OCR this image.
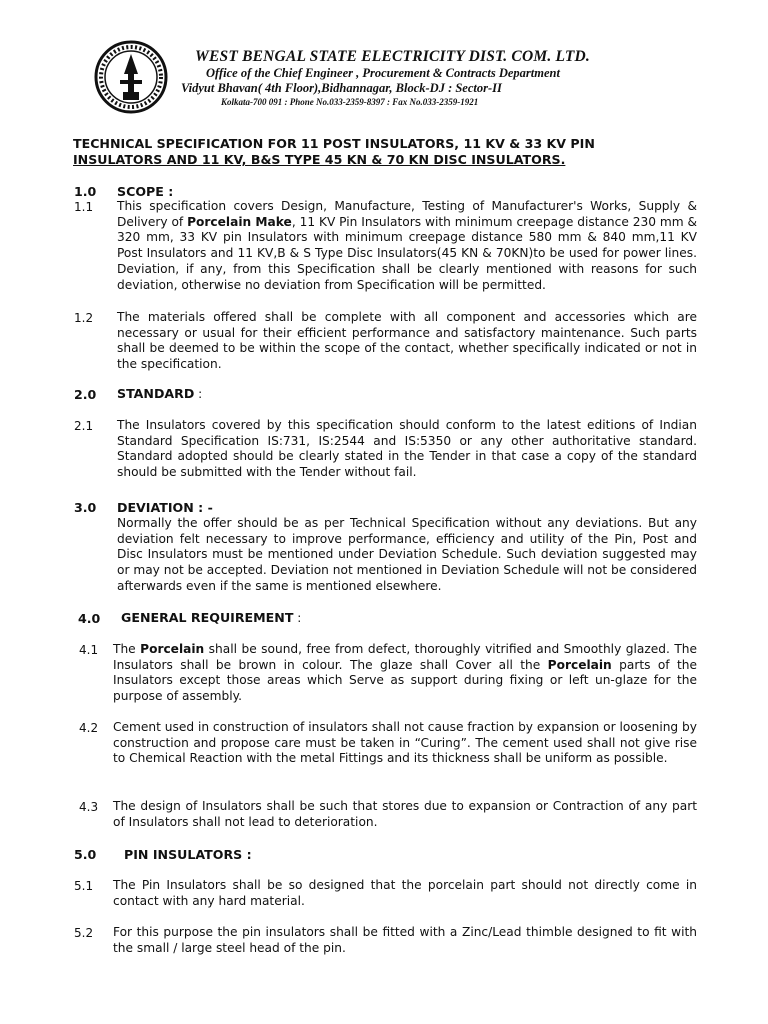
WEST BENGAL STATE ELECTRICITY DIST. COM. LTD.
Office of the Chief Engineer , Procurement & Contracts Department
Vidyut Bhavan( 4th Floor),Bidhannagar, Block-DJ : Sector-II
Kolkata-700 091 : Phone No.033-2359-8397 : Fax No.033-2359-1921
TECHNICAL SPECIFICATION FOR 11 POST INSULATORS, 11 KV & 33 KV PIN
INSULATORS AND 11 KV, B&S TYPE 45 KN & 70 KN DISC INSULATORS.
1.0 SCOPE :
1.1 This specification covers Design, Manufacture, Testing of Manufacturer's Works, Supply & Delivery of Porcelain Make, 11 KV Pin Insulators with minimum creepage distance 230 mm & 320 mm, 33 KV pin Insulators with minimum creepage distance 580 mm & 840 mm,11 KV Post Insulators and 11 KV,B & S Type Disc Insulators(45 KN & 70KN)to be used for power lines. Deviation, if any, from this Specification shall be clearly mentioned with reasons for such deviation, otherwise no deviation from Specification will be permitted.
1.2 The materials offered shall be complete with all component and accessories which are necessary or usual for their efficient performance and satisfactory maintenance. Such parts shall be deemed to be within the scope of the contact, whether specifically indicated or not in the specification.
2.0 STANDARD :
2.1 The Insulators covered by this specification should conform to the latest editions of Indian Standard Specification IS:731, IS:2544 and IS:5350 or any other authoritative standard. Standard adopted should be clearly stated in the Tender in that case a copy of the standard should be submitted with the Tender without fail.
3.0 DEVIATION : -
Normally the offer should be as per Technical Specification without any deviations. But any deviation felt necessary to improve performance, efficiency and utility of the Pin, Post and Disc Insulators must be mentioned under Deviation Schedule. Such deviation suggested may or may not be accepted. Deviation not mentioned in Deviation Schedule will not be considered afterwards even if the same is mentioned elsewhere.
4.0 GENERAL REQUIREMENT :
4.1 The Porcelain shall be sound, free from defect, thoroughly vitrified and Smoothly glazed. The Insulators shall be brown in colour. The glaze shall Cover all the Porcelain parts of the Insulators except those areas which Serve as support during fixing or left un-glaze for the purpose of assembly.
4.2 Cement used in construction of insulators shall not cause fraction by expansion or loosening by construction and propose care must be taken in “Curing”. The cement used shall not give rise to Chemical Reaction with the metal Fittings and its thickness shall be uniform as possible.
4.3 The design of Insulators shall be such that stores due to expansion or Contraction of any part of Insulators shall not lead to deterioration.
5.0 PIN INSULATORS :
5.1 The Pin Insulators shall be so designed that the porcelain part should not directly come in contact with any hard material.
5.2 For this purpose the pin insulators shall be fitted with a Zinc/Lead thimble designed to fit with the small / large steel head of the pin.
